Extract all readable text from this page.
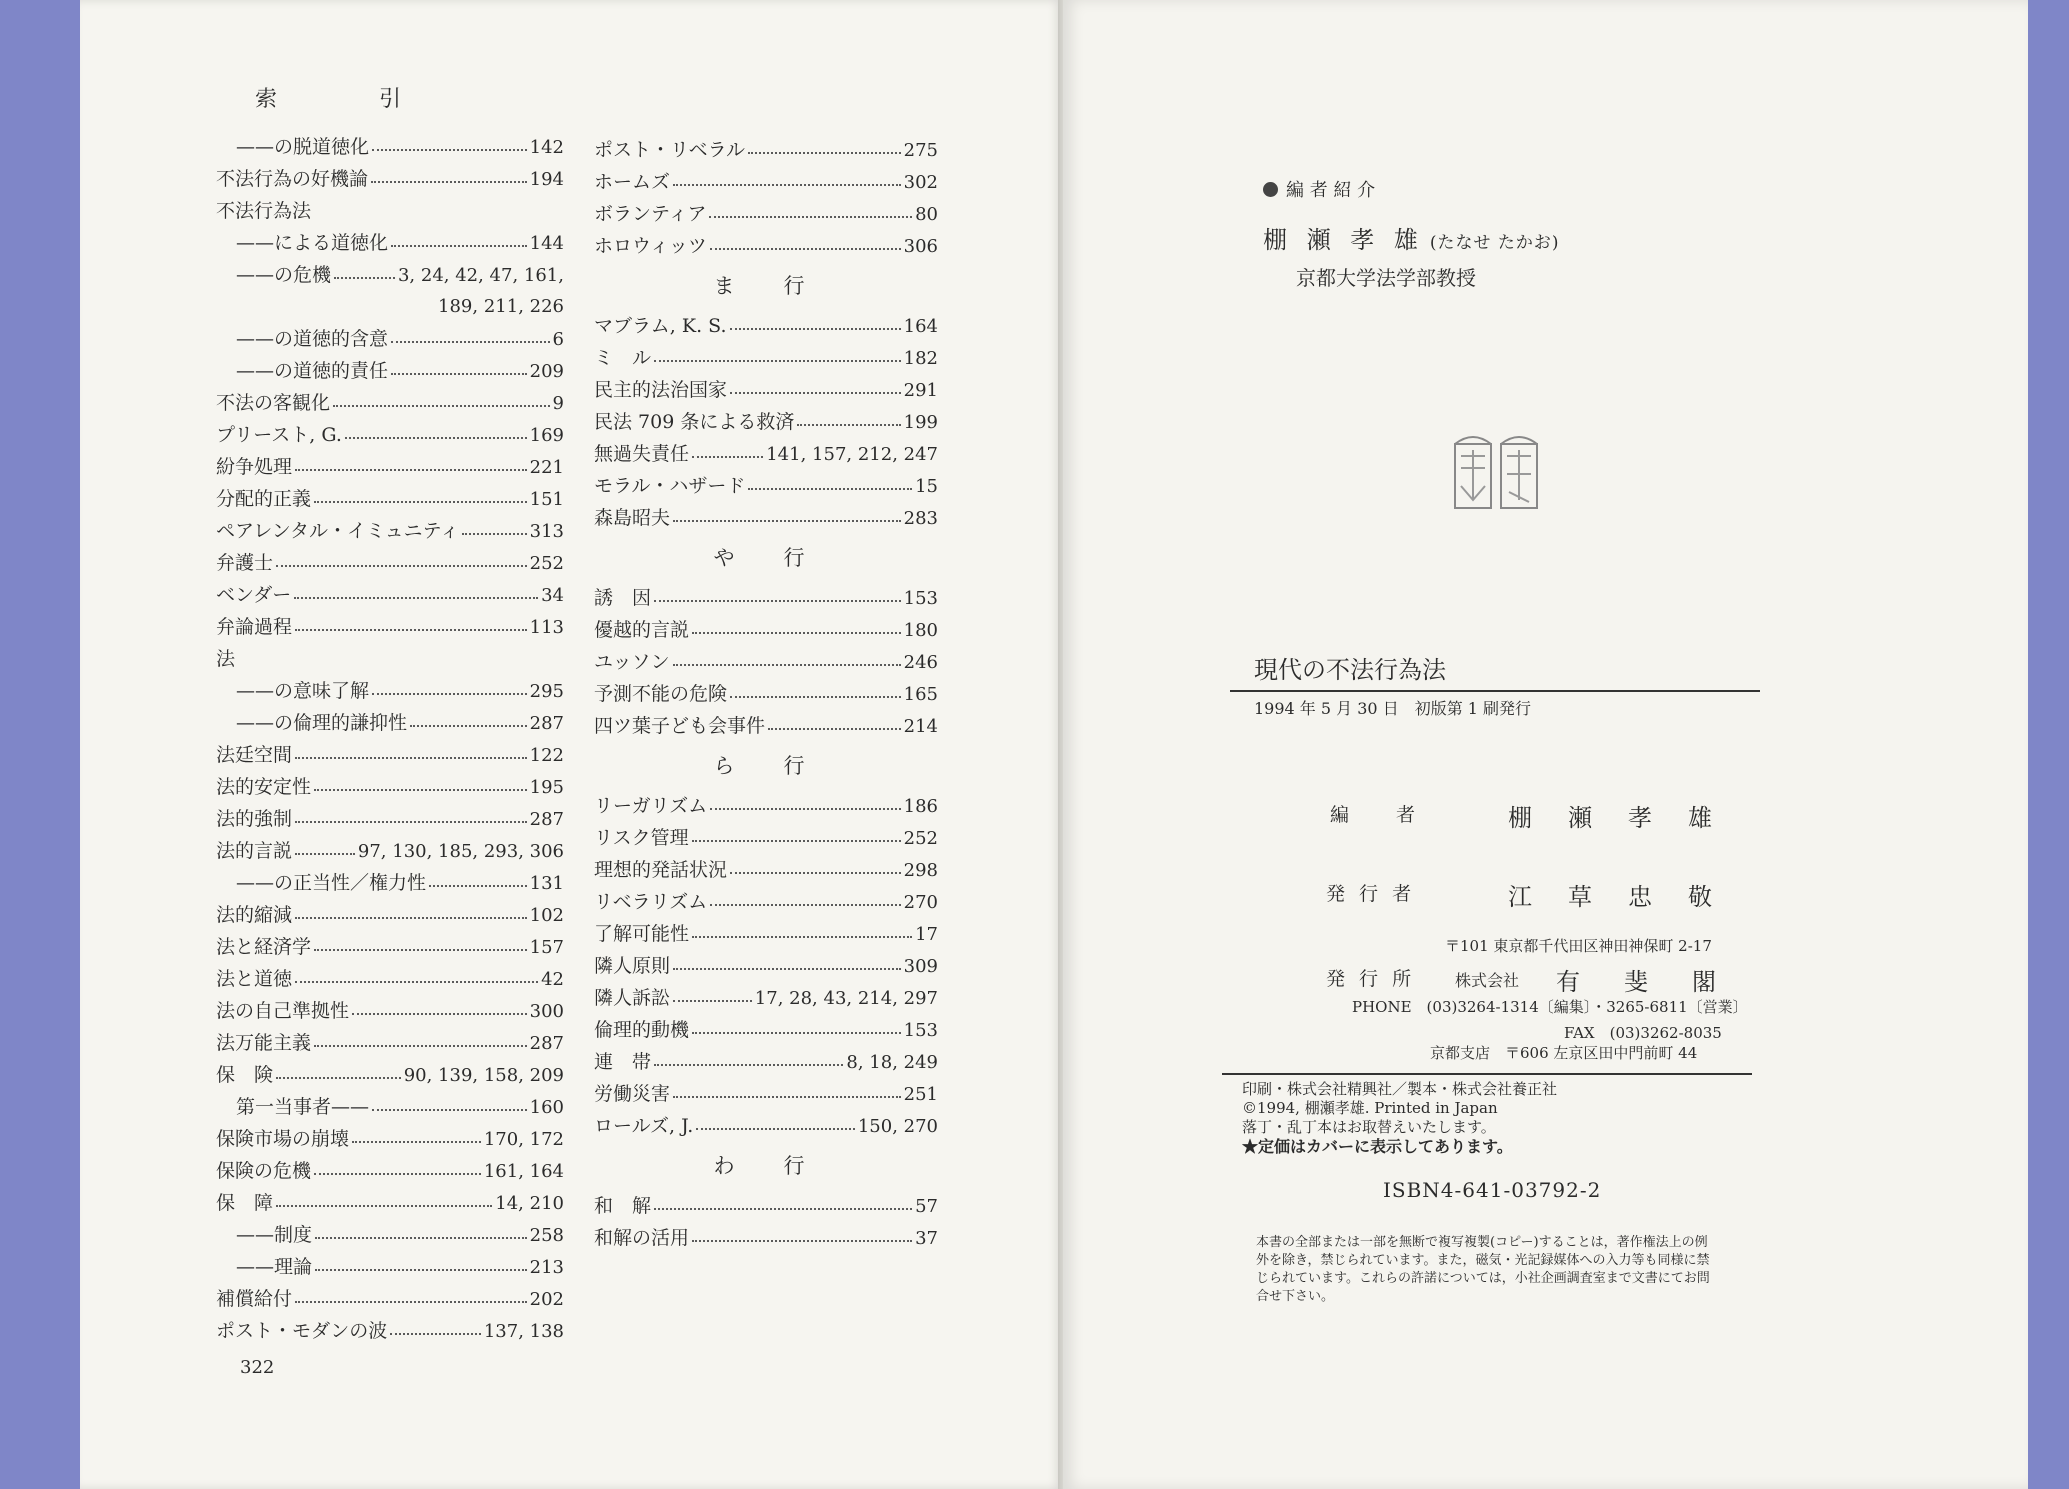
索　引
——の脱道徳化	142
不法行為の好機論	194
不法行為法
——による道徳化	144
——の危機	3, 24, 42, 47, 161,
189, 211, 226
——の道徳的含意	6
——の道徳的責任	209
不法の客観化	9
プリースト, G.	169
紛争処理	221
分配的正義	151
ペアレンタル・イミュニティ	313
弁護士	252
ベンダー	34
弁論過程	113
法
——の意味了解	295
——の倫理的謙抑性	287
法廷空間	122
法的安定性	195
法的強制	287
法的言説	97, 130, 185, 293, 306
——の正当性／権力性	131
法的縮減	102
法と経済学	157
法と道徳	42
法の自己準拠性	300
法万能主義	287
保　険	90, 139, 158, 209
第一当事者——	160
保険市場の崩壊	170, 172
保険の危機	161, 164
保　障	14, 210
——制度	258
——理論	213
補償給付	202
ポスト・モダンの波	137, 138
ポスト・リベラル	275
ホームズ	302
ボランティア	80
ホロウィッツ	306
ま　行
マブラム, K. S.	164
ミ　ル	182
民主的法治国家	291
民法 709 条による救済	199
無過失責任	141, 157, 212, 247
モラル・ハザード	15
森島昭夫	283
や　行
誘　因	153
優越的言説	180
ユッソン	246
予測不能の危険	165
四ツ葉子ども会事件	214
ら　行
リーガリズム	186
リスク管理	252
理想的発話状況	298
リベラリズム	270
了解可能性	17
隣人原則	309
隣人訴訟	17, 28, 43, 214, 297
倫理的動機	153
連　帯	8, 18, 249
労働災害	251
ロールズ, J.	150, 270
わ　行
和　解	57
和解の活用	37
322
編 者 紹 介
棚 瀬 孝 雄 (たなせ たかお)
京都大学法学部教授
現代の不法行為法
1994 年 5 月 30 日　初版第 1 刷発行
編　者	棚瀬孝雄
発 行 者	江草忠敬
〒101 東京都千代田区神田神保町 2-17
発 行 所 株式会社 有斐閣
PHONE　(03)3264-1314〔編集〕・3265-6811〔営業〕
FAX　(03)3262-8035
京都支店　〒606 左京区田中門前町 44
印刷・株式会社精興社／製本・株式会社養正社
©1994, 棚瀬孝雄. Printed in Japan
落丁・乱丁本はお取替えいたします。
★定価はカバーに表示してあります。
ISBN4-641-03792-2
本書の全部または一部を無断で複写複製(コピー)することは，著作権法上の例外を除き，禁じられています。また，磁気・光記録媒体への入力等も同様に禁じられています。これらの許諾については，小社企画調査室まで文書にてお問合せ下さい。
